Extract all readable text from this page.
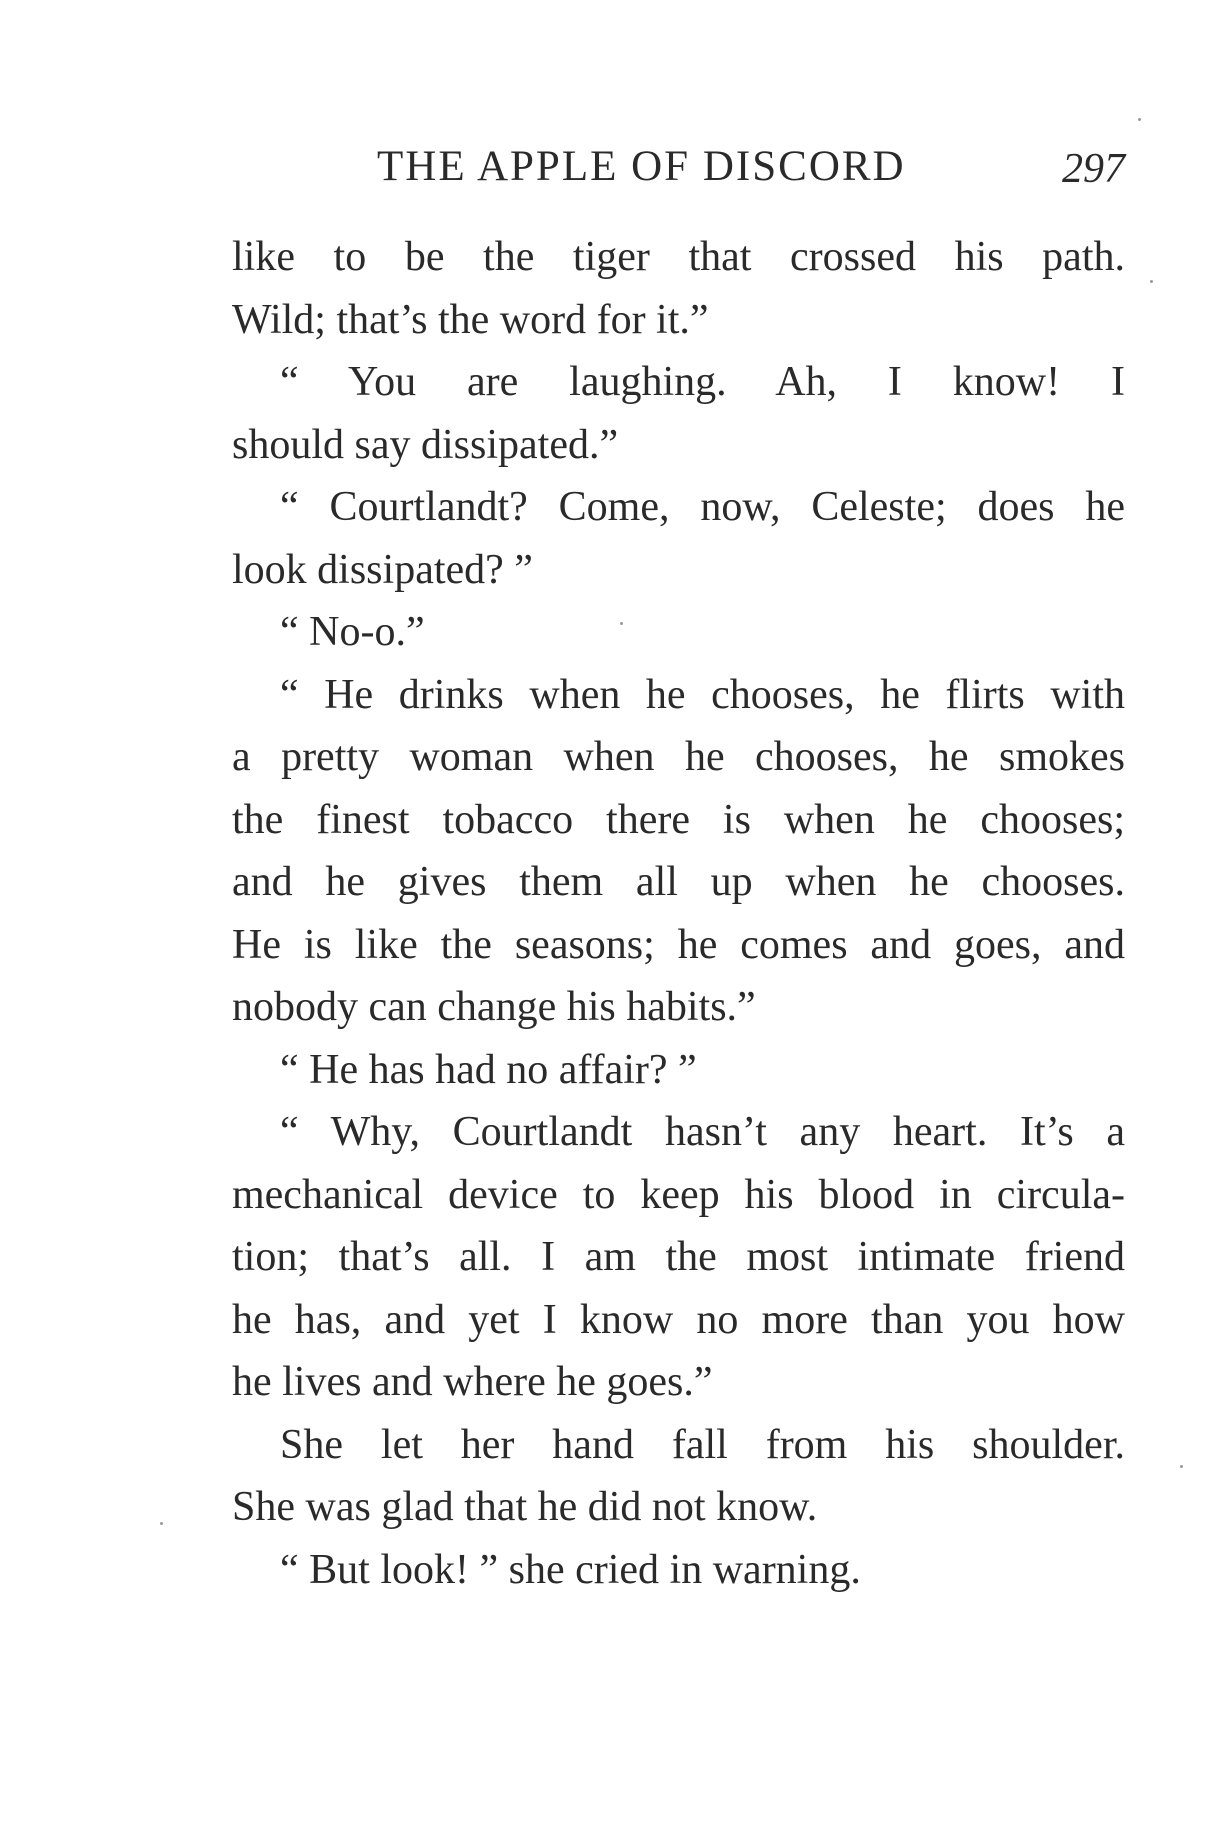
THE APPLE OF DISCORD	297
like to be the tiger that crossed his path.
Wild; that’s the word for it.”
“ You are laughing. Ah, I know! I
should say dissipated.”
“ Courtlandt? Come, now, Celeste; does he
look dissipated? ”
“ No-o.”
“ He drinks when he chooses, he flirts with
a pretty woman when he chooses, he smokes
the finest tobacco there is when he chooses;
and he gives them all up when he chooses.
He is like the seasons; he comes and goes, and
nobody can change his habits.”
“ He has had no affair? ”
“ Why, Courtlandt hasn’t any heart. It’s a
mechanical device to keep his blood in circula-
tion; that’s all. I am the most intimate friend
he has, and yet I know no more than you how
he lives and where he goes.”
She let her hand fall from his shoulder.
She was glad that he did not know.
“ But look! ” she cried in warning.
